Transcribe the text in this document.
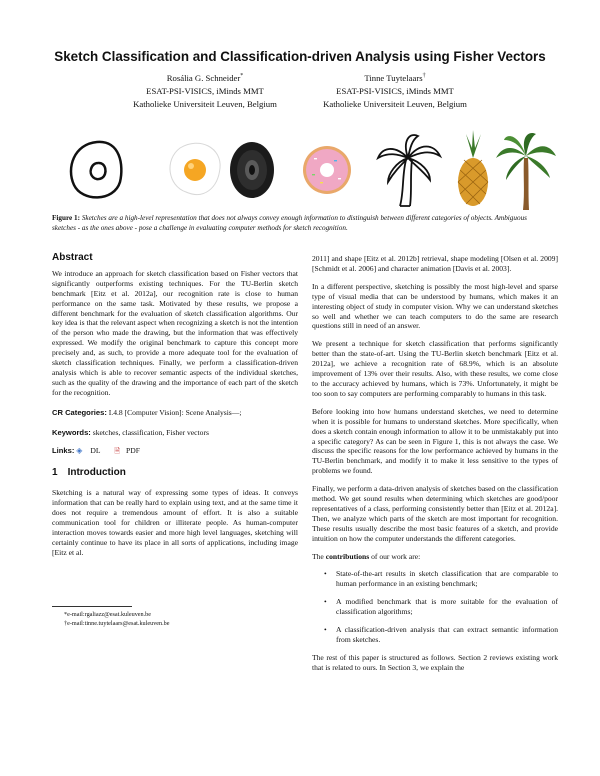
Sketch Classification and Classification-driven Analysis using Fisher Vectors
Rosália G. Schneider*
ESAT-PSI-VISICS, iMinds MMT
Katholieke Universiteit Leuven, Belgium
Tinne Tuytelaars†
ESAT-PSI-VISICS, iMinds MMT
Katholieke Universiteit Leuven, Belgium
Figure 1: Sketches are a high-level representation that does not always convey enough information to distinguish between different categories of objects. Ambiguous sketches - as the ones above - pose a challenge in evaluating computer methods for sketch recognition.
Abstract

We introduce an approach for sketch classification based on Fisher vectors that significantly outperforms existing techniques. For the TU-Berlin sketch benchmark [Eitz et al. 2012a], our recognition rate is close to human performance on the same task. Motivated by these results, we propose a different benchmark for the evaluation of sketch classification algorithms. Our key idea is that the relevant aspect when recognizing a sketch is not the intention of the person who made the drawing, but the information that was effectively expressed. We modify the original benchmark to capture this concept more precisely and, as such, to provide a more adequate tool for the evaluation of sketch classification techniques. Finally, we perform a classification-driven analysis which is able to recover semantic aspects of the individual sketches, such as the quality of the drawing and the importance of each part of the sketch for the recognition.

CR Categories: I.4.8 [Computer Vision]: Scene Analysis—;

Keywords: sketches, classification, Fisher vectors

Links: ◈ DL 🗎 PDF

1 Introduction

Sketching is a natural way of expressing some types of ideas. It conveys information that can be really hard to explain using text, and at the same time it does not require a tremendous amount of effort. It is also a suitable communication tool for children or illiterate people. As human-computer interaction moves towards easier and more high level languages, sketching will certainly continue to have its place in all sorts of applications, including image [Eitz et al.

*e-mail:rgaliazz@esat.kuleuven.be
†e-mail:tinne.tuytelaars@esat.kuleuven.be

2011] and shape [Eitz et al. 2012b] retrieval, shape modeling [Olsen et al. 2009] [Schmidt et al. 2006] and character animation [Davis et al. 2003].

In a different perspective, sketching is possibly the most high-level and sparse type of visual media that can be understood by humans, which makes it an interesting object of study in computer vision. Why we can understand sketches so well and whether we can teach computers to do the same are research questions still in need of an answer.

We present a technique for sketch classification that performs significantly better than the state-of-art. Using the TU-Berlin sketch benchmark [Eitz et al. 2012a], we achieve a recognition rate of 68.9%, which is an absolute improvement of 13% over their results. Also, with these results, we come close to the accuracy achieved by humans, which is 73%. Unfortunately, it might be too soon to say computers are performing comparably to humans in this task.

Before looking into how humans understand sketches, we need to determine when it is possible for humans to understand sketches. More specifically, when does a sketch contain enough information to allow it to be unmistakably put into a specific category? As can be seen in Figure 1, this is not always the case. We discuss the specific reasons for the low performance achieved by humans in the TU-Berlin benchmark, and modify it to make it less sensitive to the types of problems we found.

Finally, we perform a data-driven analysis of sketches based on the classification method. We get sound results when determining which sketches are good/poor representatives of a class, performing consistently better than [Eitz et al. 2012a]. Then, we analyze which parts of the sketch are most important for recognition. These results usually describe the most basic features of a sketch, and provide intuition on how the computer understands the different categories.

The contributions of our work are:

• State-of-the-art results in sketch classification that are comparable to human performance in an existing benchmark;
• A modified benchmark that is more suitable for the evaluation of classification algorithms;
• A classification-driven analysis that can extract semantic information from sketches.

The rest of this paper is structured as follows. Section 2 reviews existing work that is related to ours. In Section 3, we explain the
